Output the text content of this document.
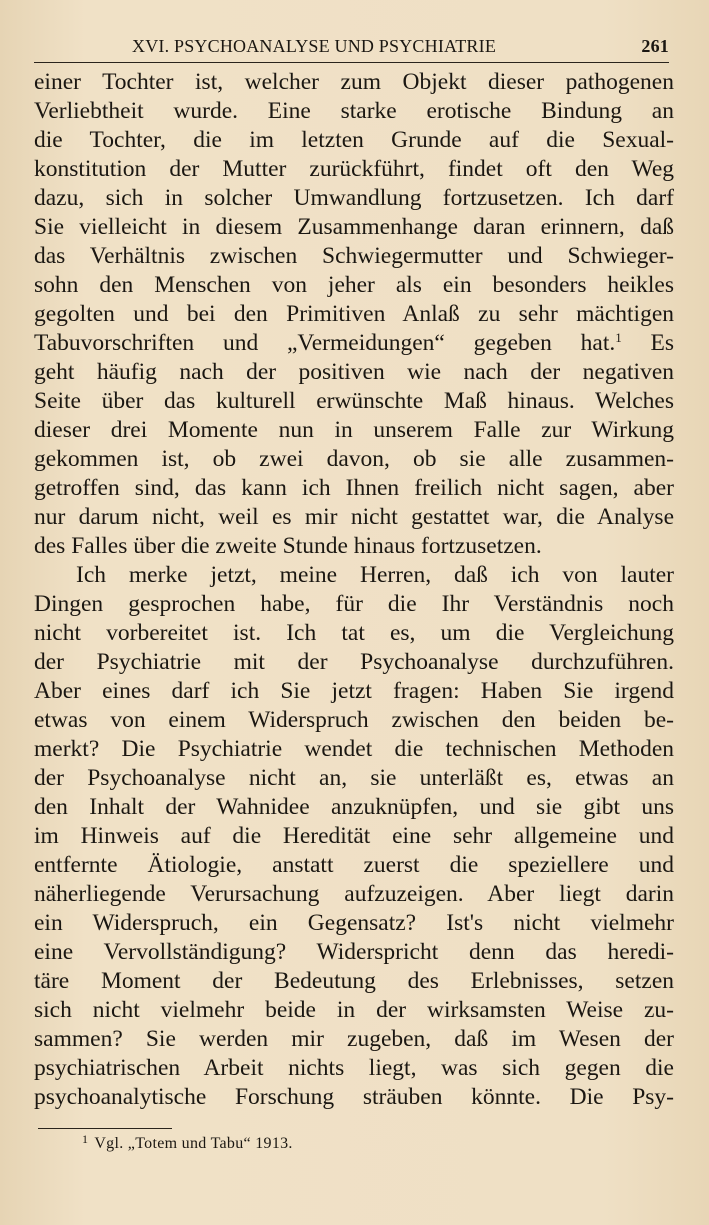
XVI. PSYCHOANALYSE UND PSYCHIATRIE	261
einer Tochter ist, welcher zum Objekt dieser pathogenen
Verliebtheit wurde. Eine starke erotische Bindung an
die Tochter, die im letzten Grunde auf die Sexual-
konstitution der Mutter zurückführt, findet oft den Weg
dazu, sich in solcher Umwandlung fortzusetzen. Ich darf
Sie vielleicht in diesem Zusammenhange daran erinnern, daß
das Verhältnis zwischen Schwiegermutter und Schwieger-
sohn den Menschen von jeher als ein besonders heikles
gegolten und bei den Primitiven Anlaß zu sehr mächtigen
Tabuvorschriften und „Vermeidungen“ gegeben hat.$^1$ Es
geht häufig nach der positiven wie nach der negativen
Seite über das kulturell erwünschte Maß hinaus. Welches
dieser drei Momente nun in unserem Falle zur Wirkung
gekommen ist, ob zwei davon, ob sie alle zusammen-
getroffen sind, das kann ich Ihnen freilich nicht sagen, aber
nur darum nicht, weil es mir nicht gestattet war, die Analyse
des Falles über die zweite Stunde hinaus fortzusetzen.
Ich merke jetzt, meine Herren, daß ich von lauter
Dingen gesprochen habe, für die Ihr Verständnis noch
nicht vorbereitet ist. Ich tat es, um die Vergleichung
der Psychiatrie mit der Psychoanalyse durchzuführen.
Aber eines darf ich Sie jetzt fragen: Haben Sie irgend
etwas von einem Widerspruch zwischen den beiden be-
merkt? Die Psychiatrie wendet die technischen Methoden
der Psychoanalyse nicht an, sie unterläßt es, etwas an
den Inhalt der Wahnidee anzuknüpfen, und sie gibt uns
im Hinweis auf die Heredität eine sehr allgemeine und
entfernte Ätiologie, anstatt zuerst die speziellere und
näherliegende Verursachung aufzuzeigen. Aber liegt darin
ein Widerspruch, ein Gegensatz? Ist's nicht vielmehr
eine Vervollständigung? Widerspricht denn das heredi-
täre Moment der Bedeutung des Erlebnisses, setzen
sich nicht vielmehr beide in der wirksamsten Weise zu-
sammen? Sie werden mir zugeben, daß im Wesen der
psychiatrischen Arbeit nichts liegt, was sich gegen die
psychoanalytische Forschung sträuben könnte. Die Psy-
$^1$ Vgl. „Totem und Tabu“ 1913.
